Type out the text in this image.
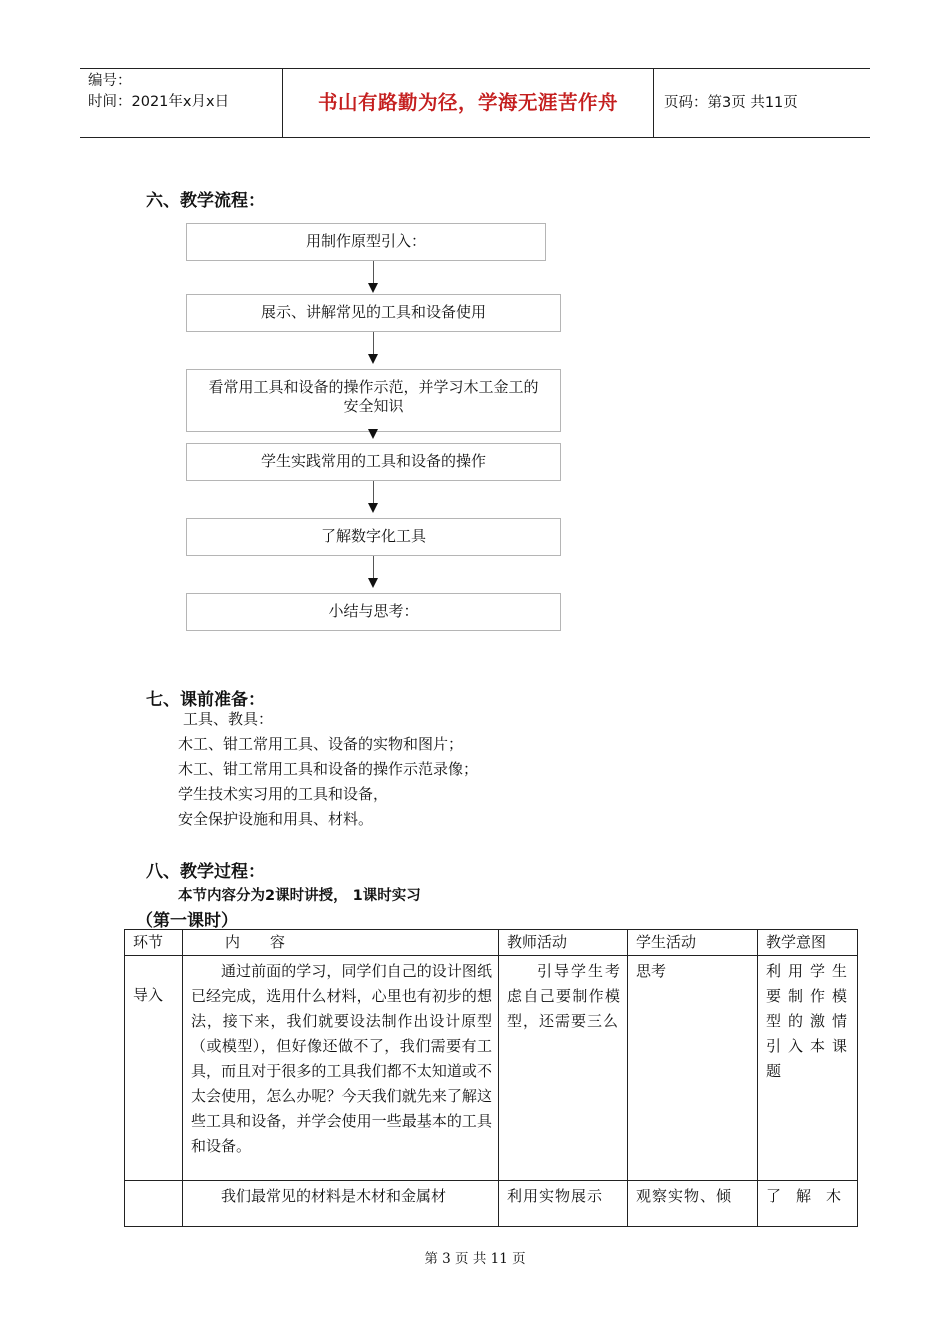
编号：
时间：2021年x月x日	书山有路勤为径，学海无涯苦作舟	页码：第3页 共11页
六、教学流程：
用制作原型引入：
展示、讲解常见的工具和设备使用
看常用工具和设备的操作示范，并学习木工金工的安全知识
学生实践常用的工具和设备的操作
了解数字化工具
小结与思考：
七、课前准备：
工具、教具：
木工、钳工常用工具、设备的实物和图片；
木工、钳工常用工具和设备的操作示范录像；
学生技术实习用的工具和设备，
安全保护设施和用具、材料。
八、教学过程：
本节内容分为2课时讲授， 1课时实习
（第一课时）
环节	内　　容	教师活动	学生活动	教学意图

导入	通过前面的学习，同学们自己的设计图纸已经完成，选用什么材料，心里也有初步的想法，接下来，我们就要设法制作出设计原型（或模型），但好像还做不了，我们需要有工具，而且对于很多的工具我们都不太知道或不太会使用，怎么办呢？今天我们就先来了解这些工具和设备，并学会使用一些最基本的工具和设备。	引导学生考虑自己要制作模型，还需要三么	思考	利用学生要制作模型的激情引入本课题

	我们最常见的材料是木材和金属材	利用实物展示	观察实物、倾	了　解　木
第 3 页 共 11 页
